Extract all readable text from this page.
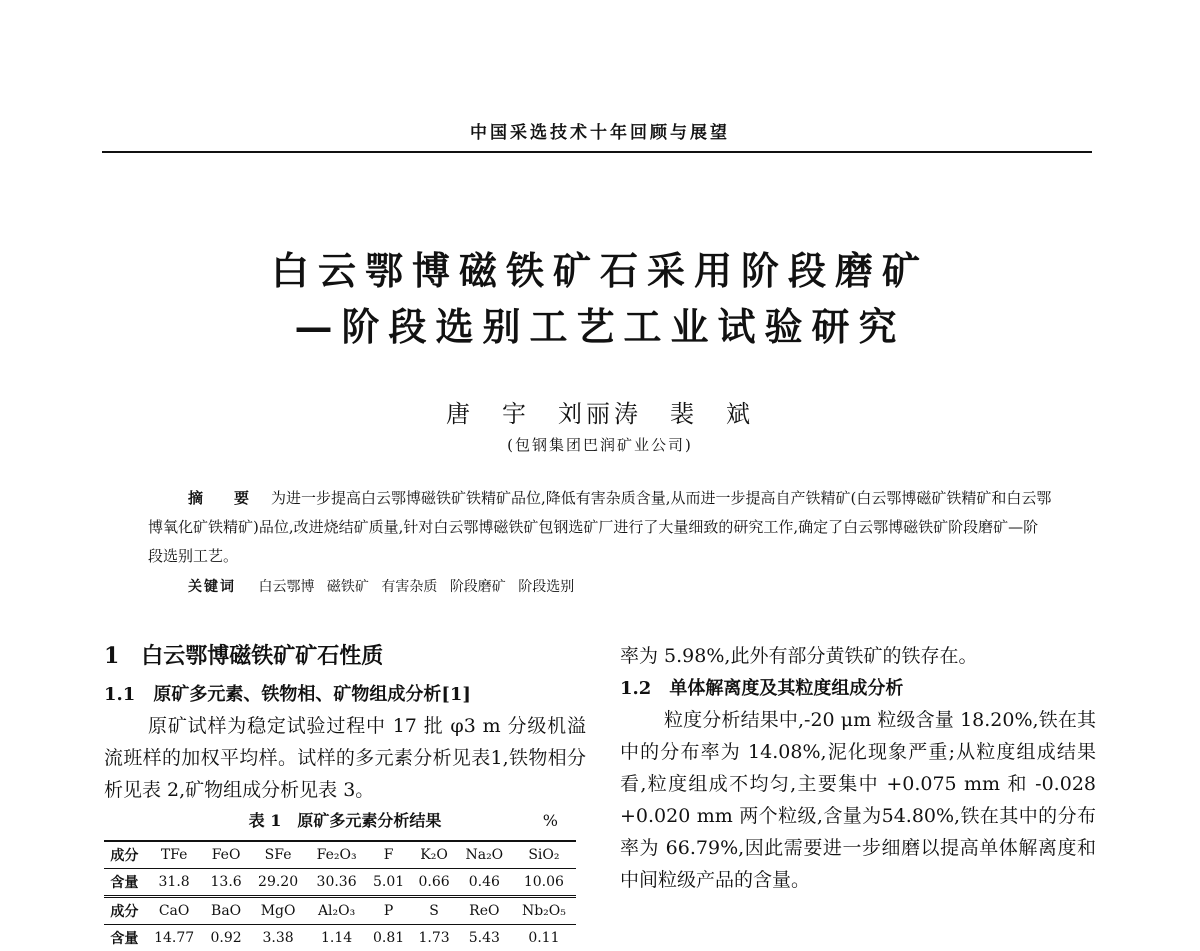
中国采选技术十年回顾与展望
白云鄂博磁铁矿石采用阶段磨矿
—阶段选别工艺工业试验研究
唐　宇　刘丽涛　裴　斌
(包钢集团巴润矿业公司)
摘　要 为进一步提高白云鄂博磁铁矿铁精矿品位,降低有害杂质含量,从而进一步提高自产铁精矿(白云鄂博磁矿铁精矿和白云鄂博氧化矿铁精矿)品位,改进烧结矿质量,针对白云鄂博磁铁矿包钢选矿厂进行了大量细致的研究工作,确定了白云鄂博磁铁矿阶段磨矿—阶段选别工艺。
关键词 白云鄂博 磁铁矿 有害杂质 阶段磨矿 阶段选别
1　白云鄂博磁铁矿矿石性质
1.1　原矿多元素、铁物相、矿物组成分析[1]
原矿试样为稳定试验过程中 17 批 φ3 m 分级机溢流班样的加权平均样。试样的多元素分析见表1,铁物相分析见表 2,矿物组成分析见表 3。
表 1　原矿多元素分析结果	%
成分	TFe	FeO	SFe	Fe₂O₃	F	K₂O	Na₂O	SiO₂
含量	31.8	13.6	29.20	30.36	5.01	0.66	0.46	10.06
成分	CaO	BaO	MgO	Al₂O₃	P	S	ReO	Nb₂O₅
含量	14.77	0.92	3.38	1.14	0.81	1.73	5.43	0.11
率为 5.98%,此外有部分黄铁矿的铁存在。
1.2　单体解离度及其粒度组成分析
粒度分析结果中,-20 μm 粒级含量 18.20%,铁在其中的分布率为 14.08%,泥化现象严重;从粒度组成结果看,粒度组成不均匀,主要集中 +0.075 mm 和 -0.028 +0.020 mm 两个粒级,含量为54.80%,铁在其中的分布率为 66.79%,因此需要进一步细磨以提高单体解离度和中间粒级产品的含量。
